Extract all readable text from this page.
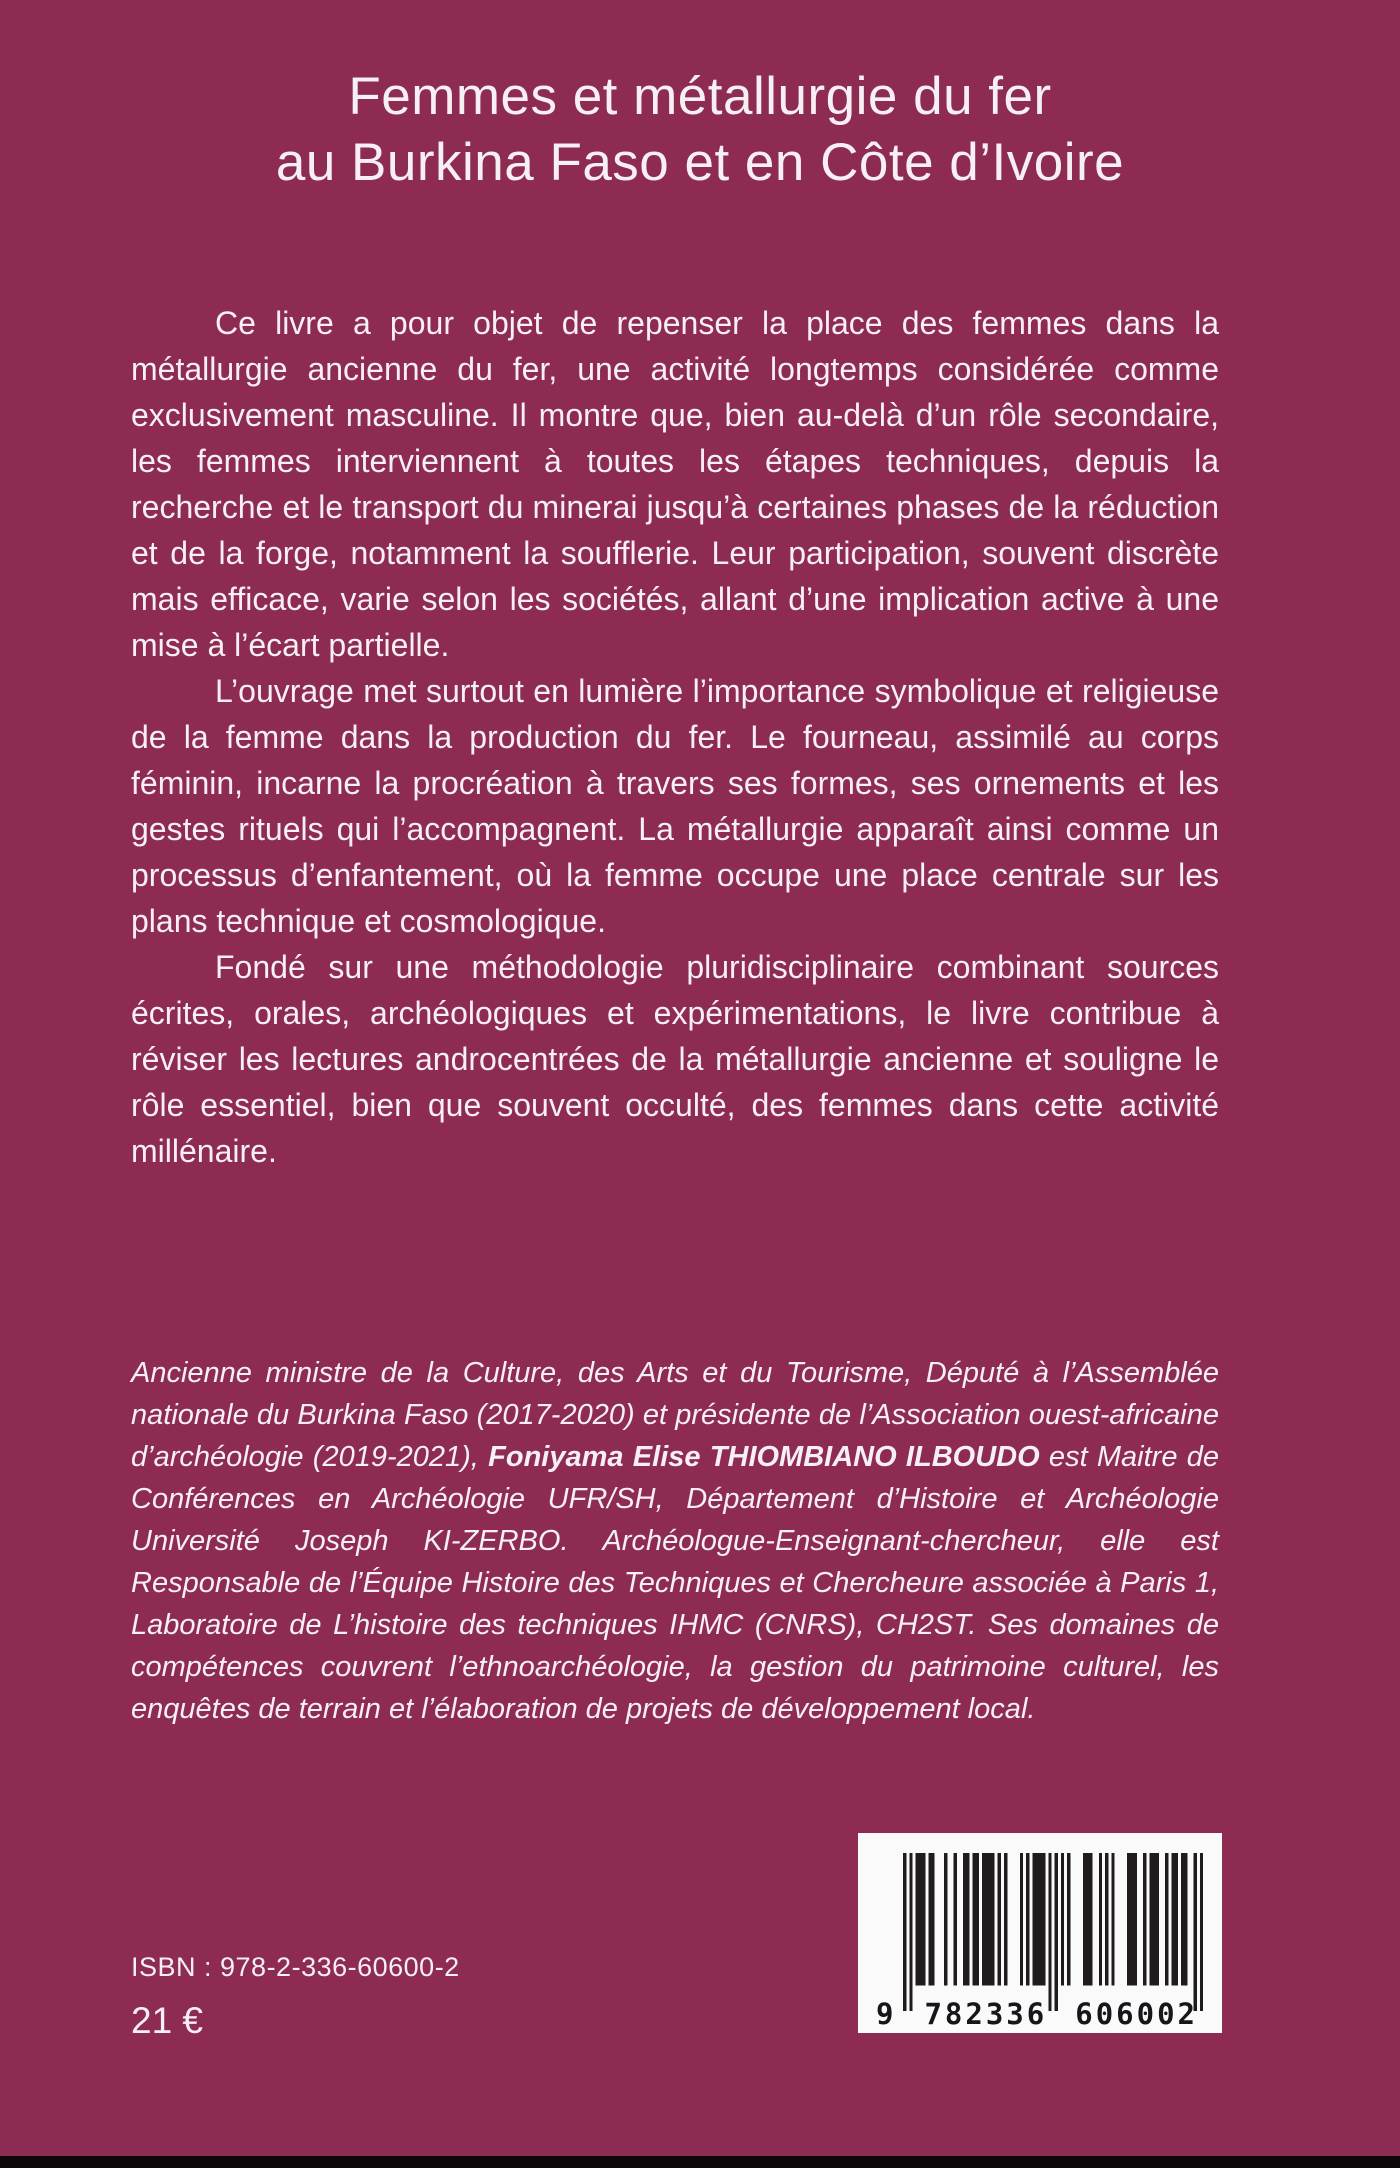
Femmes et métallurgie du fer
au Burkina Faso et en Côte d’Ivoire

Ce livre a pour objet de repenser la place des femmes dans la métallurgie ancienne du fer, une activité longtemps considérée comme exclusivement masculine. Il montre que, bien au-delà d’un rôle secondaire, les femmes interviennent à toutes les étapes techniques, depuis la recherche et le transport du minerai jusqu’à certaines phases de la réduction et de la forge, notamment la soufflerie. Leur participation, souvent discrète mais efficace, varie selon les sociétés, allant d’une implication active à une mise à l’écart partielle.

L’ouvrage met surtout en lumière l’importance symbolique et religieuse de la femme dans la production du fer. Le fourneau, assimilé au corps féminin, incarne la procréation à travers ses formes, ses ornements et les gestes rituels qui l’accompagnent. La métallurgie apparaît ainsi comme un processus d’enfantement, où la femme occupe une place centrale sur les plans technique et cosmologique.

Fondé sur une méthodologie pluridisciplinaire combinant sources écrites, orales, archéologiques et expérimentations, le livre contribue à réviser les lectures androcentrées de la métallurgie ancienne et souligne le rôle essentiel, bien que souvent occulté, des femmes dans cette activité millénaire.

Ancienne ministre de la Culture, des Arts et du Tourisme, Député à l’Assemblée nationale du Burkina Faso (2017-2020) et présidente de l’Association ouest-africaine d’archéologie (2019-2021), Foniyama Elise THIOMBIANO ILBOUDO est Maitre de Conférences en Archéologie UFR/SH, Département d’Histoire et Archéologie Université Joseph KI-ZERBO. Archéologue-Enseignant-chercheur, elle est Responsable de l’Équipe Histoire des Techniques et Chercheure associée à Paris 1, Laboratoire de L’histoire des techniques IHMC (CNRS), CH2ST. Ses domaines de compétences couvrent l’ethnoarchéologie, la gestion du patrimoine culturel, les enquêtes de terrain et l’élaboration de projets de développement local.

ISBN : 978-2-336-60600-2
21 €	9 782336 606002
